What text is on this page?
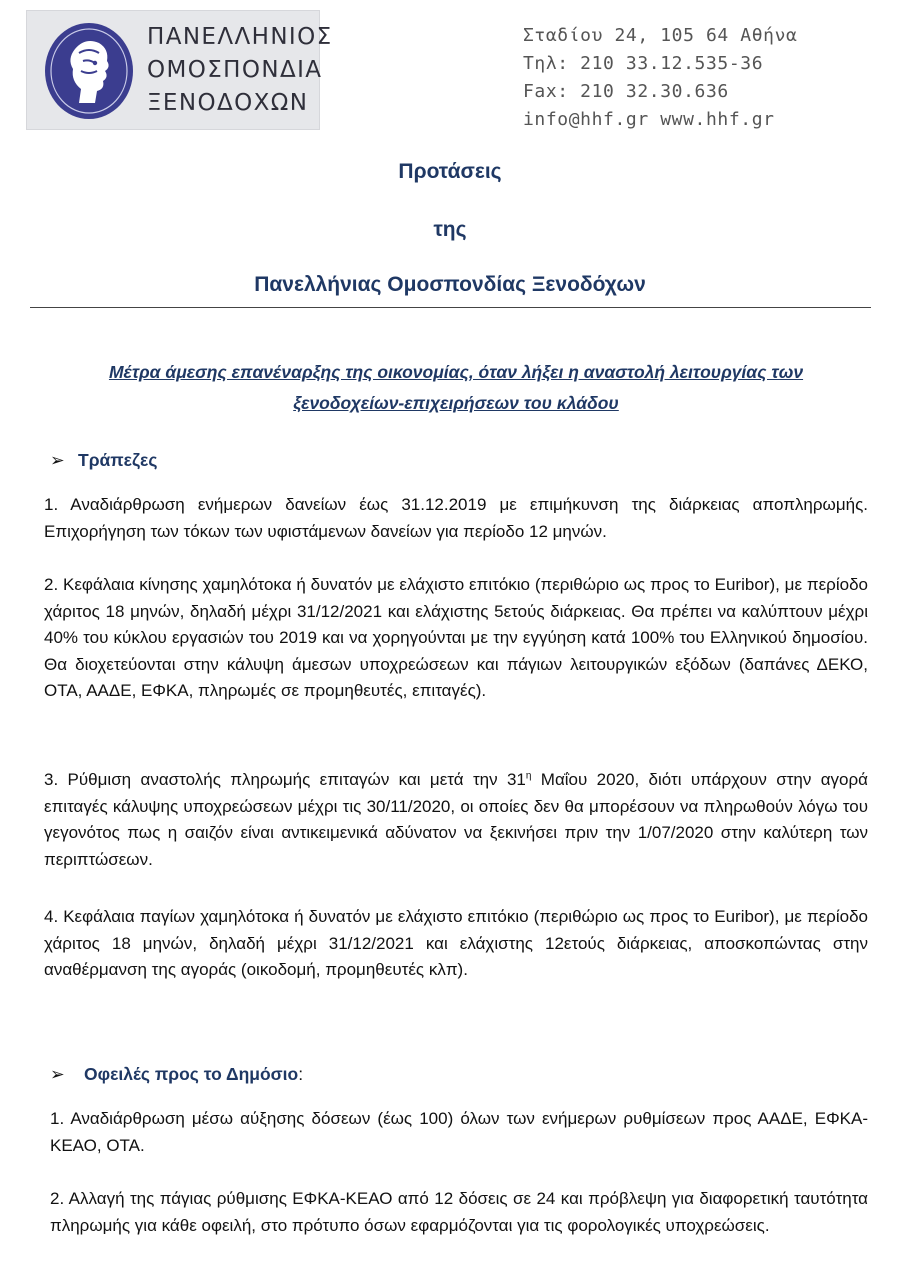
ΠΑΝΕΛΛΗΝΙΟΣ
ΟΜΟΣΠΟΝΔΙΑ
ΞΕΝΟΔΟΧΩΝ
Σταδίου 24, 105 64 Αθήνα
Τηλ: 210 33.12.535-36
Fax: 210 32.30.636
info@hhf.gr www.hhf.gr
Προτάσεις
της
Πανελλήνιας Ομοσπονδίας Ξενοδόχων
Μέτρα άμεσης επανέναρξης της οικονομίας, όταν λήξει η αναστολή λειτουργίας των ξενοδοχείων-επιχειρήσεων του κλάδου
➢ Τράπεζες
1. Αναδιάρθρωση ενήμερων δανείων έως 31.12.2019 με επιμήκυνση της διάρκειας αποπληρωμής. Επιχορήγηση των τόκων των υφιστάμενων δανείων για περίοδο 12 μηνών.
2. Κεφάλαια κίνησης χαμηλότοκα ή δυνατόν με ελάχιστο επιτόκιο (περιθώριο ως προς το Euribor), με περίοδο χάριτος 18 μηνών, δηλαδή μέχρι 31/12/2021 και ελάχιστης 5ετούς διάρκειας. Θα πρέπει να καλύπτουν μέχρι 40% του κύκλου εργασιών του 2019 και να χορηγούνται με την εγγύηση κατά 100% του Ελληνικού δημοσίου. Θα διοχετεύονται στην κάλυψη άμεσων υποχρεώσεων και πάγιων λειτουργικών εξόδων (δαπάνες ΔΕΚΟ, ΟΤΑ, ΑΑΔΕ, ΕΦΚΑ, πληρωμές σε προμηθευτές, επιταγές).
3. Ρύθμιση αναστολής πληρωμής επιταγών και μετά την $31^\eta$ Μαΐου 2020, διότι υπάρχουν στην αγορά επιταγές κάλυψης υποχρεώσεων μέχρι τις 30/11/2020, οι οποίες δεν θα μπορέσουν να πληρωθούν λόγω του γεγονότος πως η σαιζόν είναι αντικειμενικά αδύνατον να ξεκινήσει πριν την 1/07/2020 στην καλύτερη των περιπτώσεων.
4. Κεφάλαια παγίων χαμηλότοκα ή δυνατόν με ελάχιστο επιτόκιο (περιθώριο ως προς το Euribor), με περίοδο χάριτος 18 μηνών, δηλαδή μέχρι 31/12/2021 και ελάχιστης 12ετούς διάρκειας, αποσκοπώντας στην αναθέρμανση της αγοράς (οικοδομή, προμηθευτές κλπ).
➢ Οφειλές προς το Δημόσιο:
1. Αναδιάρθρωση μέσω αύξησης δόσεων (έως 100) όλων των ενήμερων ρυθμίσεων προς ΑΑΔΕ, ΕΦΚΑ-ΚΕΑΟ, ΟΤΑ.
2. Αλλαγή της πάγιας ρύθμισης ΕΦΚΑ-ΚΕΑΟ από 12 δόσεις σε 24 και πρόβλεψη για διαφορετική ταυτότητα πληρωμής για κάθε οφειλή, στο πρότυπο όσων εφαρμόζονται για τις φορολογικές υποχρεώσεις.
